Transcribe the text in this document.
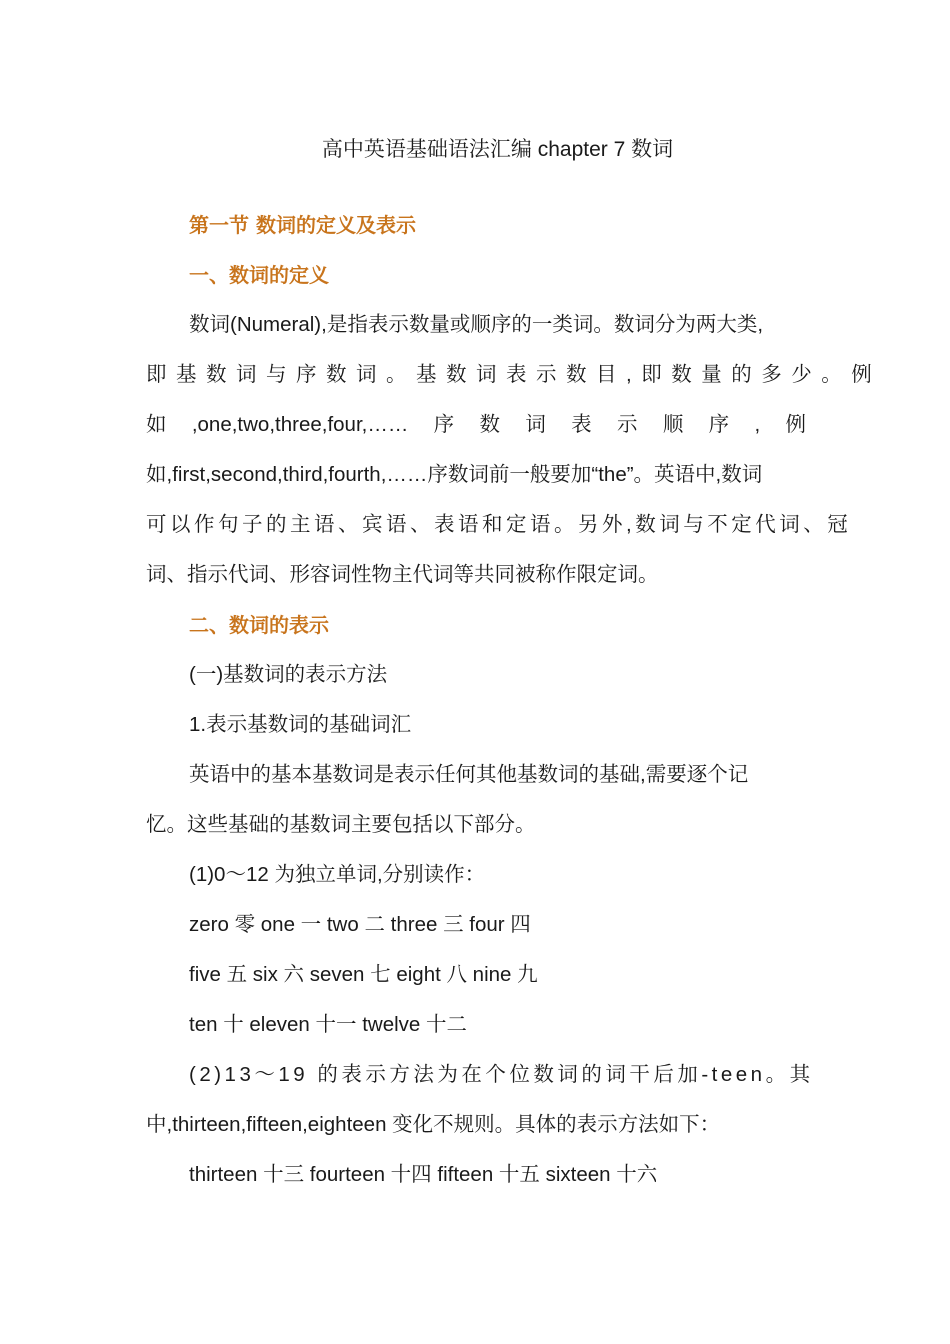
高中英语基础语法汇编 chapter 7 数词
第一节 数词的定义及表示
一、数词的定义
数词(Numeral),是指表示数量或顺序的一类词。数词分为两大类,
即基数词与序数词。基数词表示数目,即数量的多少。例
如 ,one,two,three,four,…… 序 数 词 表 示 顺 序 , 例
如,first,second,third,fourth,……序数词前一般要加“the”。英语中,数词
可以作句子的主语、宾语、表语和定语。另外,数词与不定代词、冠
词、指示代词、形容词性物主代词等共同被称作限定词。
二、数词的表示
(一)基数词的表示方法
1.表示基数词的基础词汇
英语中的基本基数词是表示任何其他基数词的基础,需要逐个记
忆。这些基础的基数词主要包括以下部分。
(1)0～12 为独立单词,分别读作：
zero 零 one 一 two 二 three 三 four 四
five 五 six 六 seven 七 eight 八 nine 九
ten 十 eleven 十一 twelve 十二
(2)13～19 的表示方法为在个位数词的词干后加-teen。其
中,thirteen,fifteen,eighteen 变化不规则。具体的表示方法如下：
thirteen 十三 fourteen 十四 fifteen 十五 sixteen 十六
